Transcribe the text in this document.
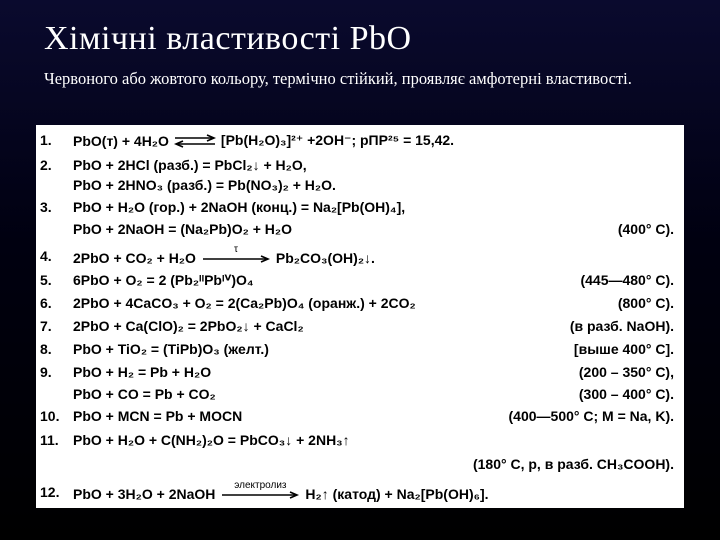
Хімічні властивості PbO
Червоного або жовтого кольору, термічно стійкий, проявляє амфотерні властивості.
1. PbO(т) + 4H₂O ⇌ [Pb(H₂O)₃]²⁺ +2OH⁻; pПР²⁵ = 15,42.
2. PbO + 2HCl (разб.) = PbCl₂↓ + H₂O,
PbO + 2HNO₃ (разб.) = Pb(NO₃)₂ + H₂O.
3. PbO + H₂O (гор.) + 2NaOH (конц.) = Na₂[Pb(OH)₄],
PbO + 2NaOH = (Na₂Pb)O₂ + H₂O	(400° C).
4. 2PbO + CO₂ + H₂O	τ	Pb₂CO₃(OH)₂↓.
5. 6PbO + O₂ = 2 (Pb₂ᴵᴵPbᴵⱽ)O₄	(445—480° C).
6. 2PbO + 4CaCO₃ + O₂ = 2(Ca₂Pb)O₄ (оранж.) + 2CO₂	(800° C).
7. 2PbO + Ca(ClO)₂ = 2PbO₂↓ + CaCl₂	(в разб. NaOH).
8. PbO + TiO₂ = (TiPb)O₃ (желт.)	[выше 400° C].
9. PbO + H₂ = Pb + H₂O	(200 – 350° C),
PbO + CO = Pb + CO₂	(300 – 400° C).
10. PbO + MCN = Pb + MOCN	(400—500° C; M = Na, K).
11. PbO + H₂O + C(NH₂)₂O = PbCO₃↓ + 2NH₃↑
(180° C, p, в разб. CH₃COOH).
12. PbO + 3H₂O + 2NaOH электролиз H₂↑ (катод) + Na₂[Pb(OH)₆].
